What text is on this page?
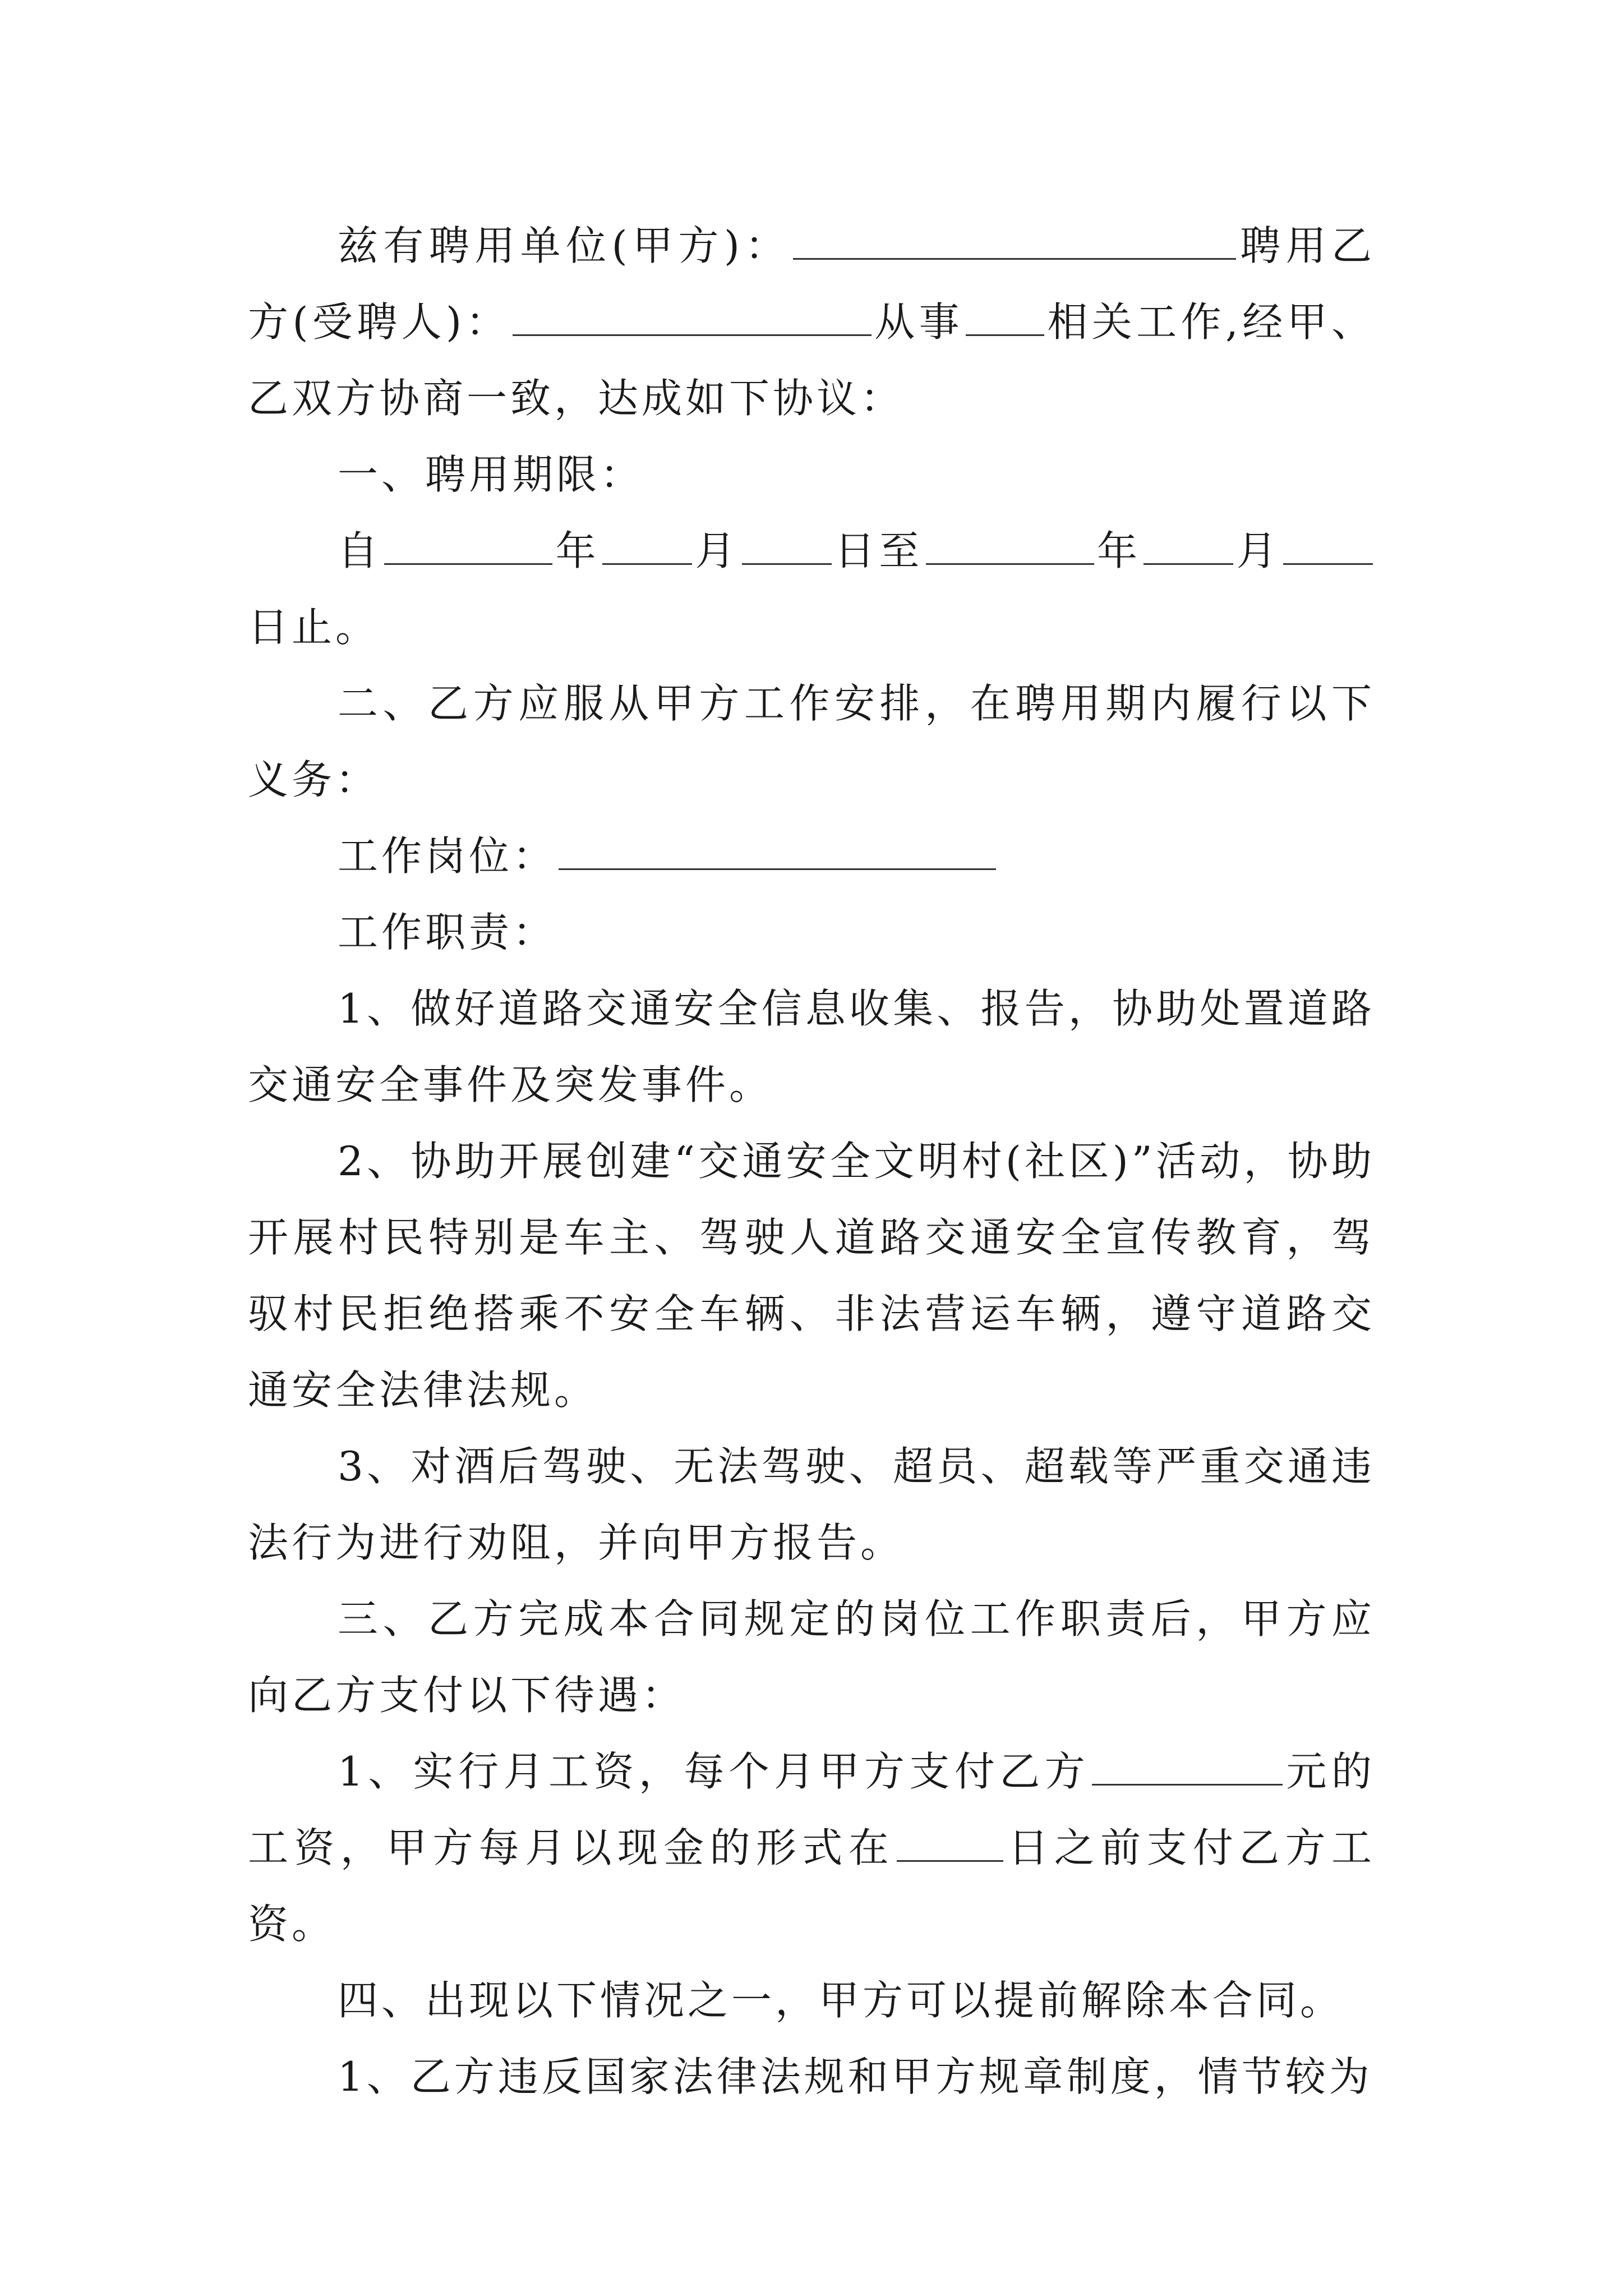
兹有聘用单位(甲方)：	聘用乙方(受聘人)：	从事 相关工作,经甲、乙双方协商一致，达成如下协议：

一、聘用期限：

自	年 月 日至	年 月日止。

二、乙方应服从甲方工作安排，在聘用期内履行以下义务：

工作岗位：

工作职责：

1、做好道路交通安全信息收集、报告，协助处置道路交通安全事件及突发事件。

2、协助开展创建“交通安全文明村(社区)”活动，协助开展村民特别是车主、驾驶人道路交通安全宣传教育，驾驭村民拒绝搭乘不安全车辆、非法营运车辆，遵守道路交通安全法律法规。

3、对酒后驾驶、无法驾驶、超员、超载等严重交通违法行为进行劝阻，并向甲方报告。

三、乙方完成本合同规定的岗位工作职责后，甲方应向乙方支付以下待遇：

1、实行月工资，每个月甲方支付乙方	元的工资，甲方每月以现金的形式在	日之前支付乙方工资。

四、出现以下情况之一，甲方可以提前解除本合同。

1、乙方违反国家法律法规和甲方规章制度，情节较为
